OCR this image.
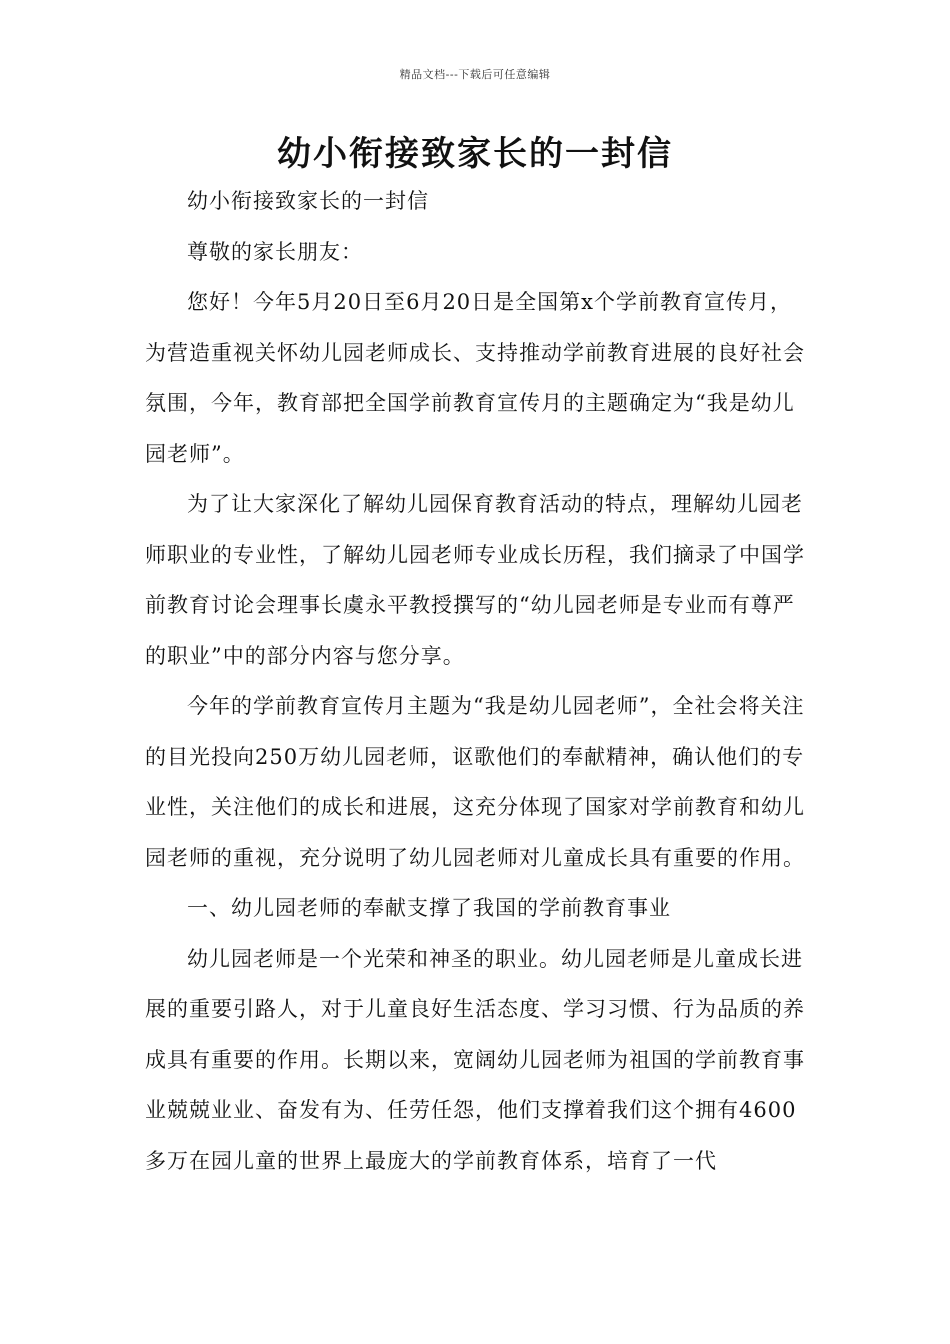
精品文档---下载后可任意编辑
幼小衔接致家长的一封信

幼小衔接致家长的一封信

尊敬的家长朋友：

您好！今年5月20日至6月20日是全国第x个学前教育宣传月，为营造重视关怀幼儿园老师成长、支持推动学前教育进展的良好社会氛围，今年，教育部把全国学前教育宣传月的主题确定为“我是幼儿园老师”。

为了让大家深化了解幼儿园保育教育活动的特点，理解幼儿园老师职业的专业性，了解幼儿园老师专业成长历程，我们摘录了中国学前教育讨论会理事长虞永平教授撰写的“幼儿园老师是专业而有尊严的职业”中的部分内容与您分享。

今年的学前教育宣传月主题为“我是幼儿园老师”，全社会将关注的目光投向250万幼儿园老师，讴歌他们的奉献精神，确认他们的专业性，关注他们的成长和进展，这充分体现了国家对学前教育和幼儿园老师的重视，充分说明了幼儿园老师对儿童成长具有重要的作用。

一、幼儿园老师的奉献支撑了我国的学前教育事业

幼儿园老师是一个光荣和神圣的职业。幼儿园老师是儿童成长进展的重要引路人，对于儿童良好生活态度、学习习惯、行为品质的养成具有重要的作用。长期以来，宽阔幼儿园老师为祖国的学前教育事业兢兢业业、奋发有为、任劳任怨，他们支撑着我们这个拥有4600多万在园儿童的世界上最庞大的学前教育体系，培育了一代
